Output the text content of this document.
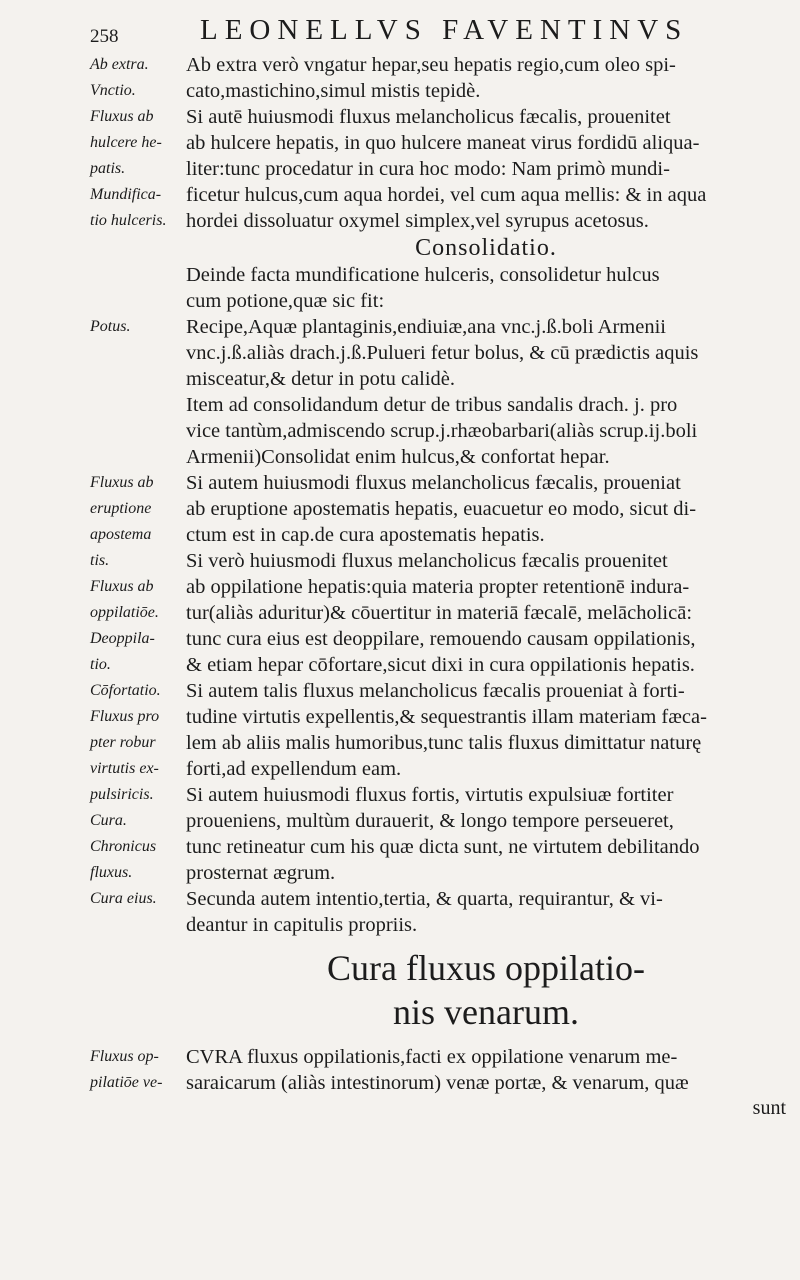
258	LEONELLVS FAVENTINVS
Ab extra.
Vnctio.
Ab extra verò vngatur hepar,seu hepatis regio,cum oleo spi-
cato,mastichino,simul mistis tepidè.
Fluxus ab
hulcere he-
patis.
Si autē huiusmodi fluxus melancholicus fæcalis, prouenitet
ab hulcere hepatis, in quo hulcere maneat virus fordidū aliqua-
liter:tunc procedatur in cura hoc modo: Nam primò mundi-
Mundifica-
tio hulceris.
ficetur hulcus,cum aqua hordei, vel cum aqua mellis: & in aqua
hordei dissoluatur oxymel simplex,vel syrupus acetosus.
Consolidatio.
Potus.
Deinde facta mundificatione hulceris, consolidetur hulcus
cum potione,quæ sic fit:
Recipe,Aquæ plantaginis,endiuiæ,ana vnc.j.ß.boli Armenii
vnc.j.ß.aliàs drach.j.ß.Pulueri fetur bolus, & cū prædictis aquis
misceatur,& detur in potu calidè.
Item ad consolidandum detur de tribus sandalis drach. j. pro
vice tantùm,admiscendo scrup.j.rhæobarbari(aliàs scrup.ij.boli
Armenii)Consolidat enim hulcus,& confortat hepar.
Fluxus ab
eruptione
apostema
tis.
Si autem huiusmodi fluxus melancholicus fæcalis, proueniat
ab eruptione apostematis hepatis, euacuetur eo modo, sicut di-
ctum est in cap.de cura apostematis hepatis.
Si verò huiusmodi fluxus melancholicus fæcalis prouenitet
Fluxus ab
oppilatiōe.
Deoppila-
tio.
Cōfortatio.
Fluxus pro
pter robur
virtutis ex-
pulsiricis.
ab oppilatione hepatis:quia materia propter retentionē indura-
tur(aliàs aduritur)& cōuertitur in materiā fæcalē, melācholicā:
tunc cura eius est deoppilare, remouendo causam oppilationis,
& etiam hepar cōfortare,sicut dixi in cura oppilationis hepatis.
Si autem talis fluxus melancholicus fæcalis proueniat à forti-
tudine virtutis expellentis,& sequestrantis illam materiam fæca-
lem ab aliis malis humoribus,tunc talis fluxus dimittatur naturę
forti,ad expellendum eam.
Si autem huiusmodi fluxus fortis, virtutis expulsiuæ fortiter
Cura.
Chronicus
fluxus.
Cura eius.
proueniens, multùm durauerit, & longo tempore perseueret,
tunc retineatur cum his quæ dicta sunt, ne virtutem debilitando
prosternat ægrum.
Secunda autem intentio,tertia, & quarta, requirantur, & vi-
deantur in capitulis propriis.
Cura fluxus oppilatio-
nis venarum.
Fluxus op-
pilatiōe ve-
CVRA fluxus oppilationis,facti ex oppilatione venarum me-
saraicarum (aliàs intestinorum) venæ portæ, & venarum, quæ
sunt
